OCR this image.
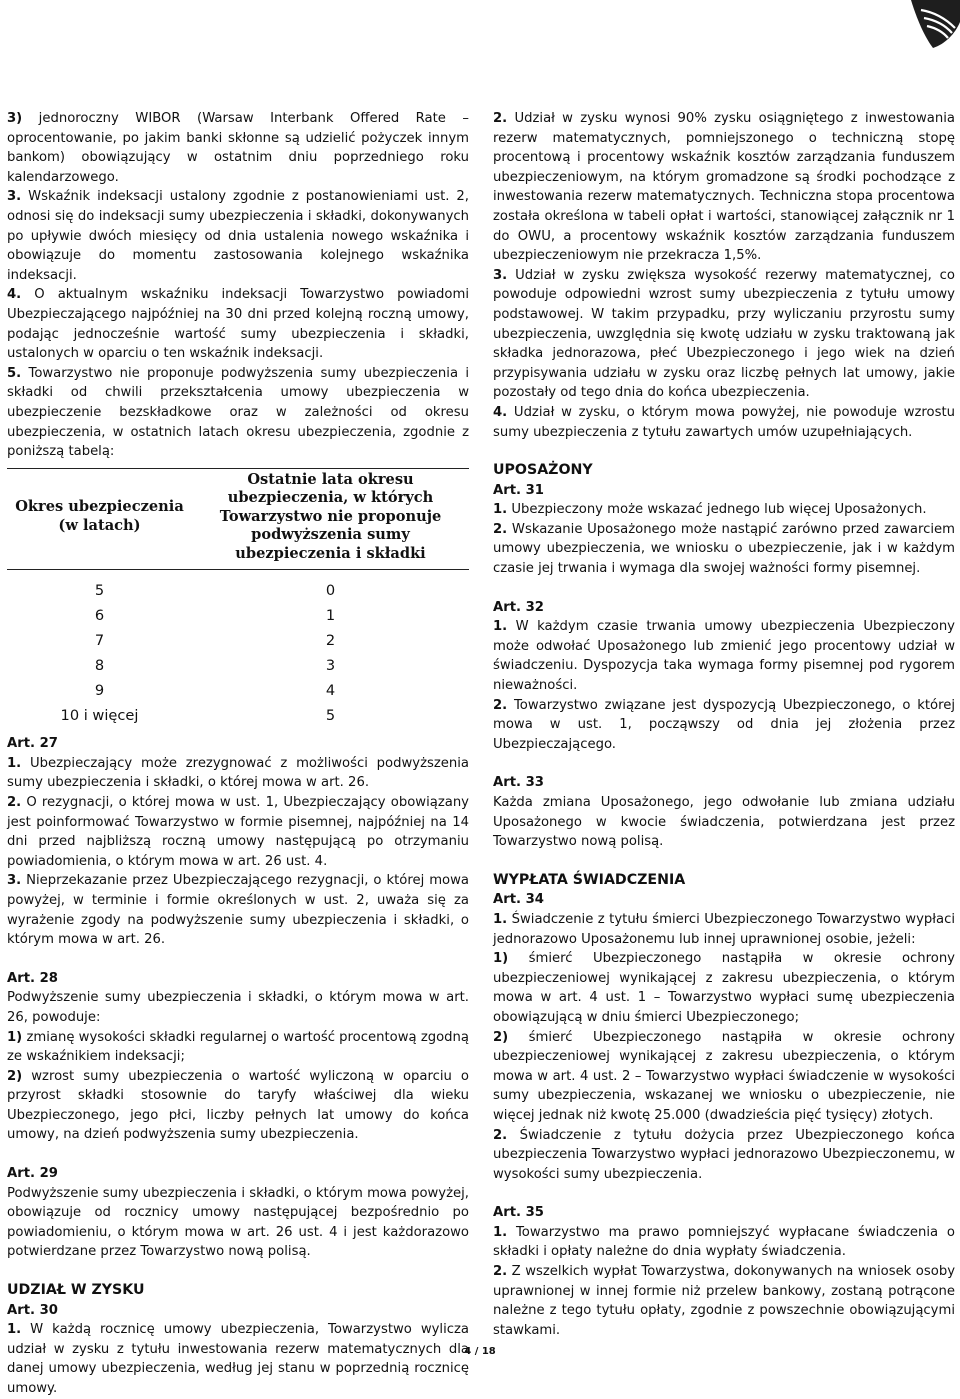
3) jednoroczny WIBOR (Warsaw Interbank Offered Rate – oprocentowanie, po jakim banki skłonne są udzielić pożyczek innym bankom) obowiązujący w ostatnim dniu poprzedniego roku kalendarzowego.

3. Wskaźnik indeksacji ustalony zgodnie z postanowieniami ust. 2, odnosi się do indeksacji sumy ubezpieczenia i składki, dokonywanych po upływie dwóch miesięcy od dnia ustalenia nowego wskaźnika i obowiązuje do momentu zastosowania kolejnego wskaźnika indeksacji.

4. O aktualnym wskaźniku indeksacji Towarzystwo powiadomi Ubezpieczającego najpóźniej na 30 dni przed kolejną roczną umowy, podając jednocześnie wartość sumy ubezpieczenia i składki, ustalonych w oparciu o ten wskaźnik indeksacji.

5. Towarzystwo nie proponuje podwyższenia sumy ubezpieczenia i składki od chwili przekształcenia umowy ubezpieczenia w ubezpieczenie bezskładkowe oraz w zależności od okresu ubezpieczenia, w ostatnich latach okresu ubezpieczenia, zgodnie z poniższą tabelą:

Okres ubezpieczenia (w latach)	Ostatnie lata okresu ubezpieczenia, w których Towarzystwo nie proponuje podwyższenia sumy ubezpieczenia i składki
5	0
6	1
7	2
8	3
9	4
10 i więcej	5

Art. 27

1. Ubezpieczający może zrezygnować z możliwości podwyższenia sumy ubezpieczenia i składki, o której mowa w art. 26.

2. O rezygnacji, o której mowa w ust. 1, Ubezpieczający obowiązany jest poinformować Towarzystwo w formie pisemnej, najpóźniej na 14 dni przed najbliższą roczną umowy następującą po otrzymaniu powiadomienia, o którym mowa w art. 26 ust. 4.

3. Nieprzekazanie przez Ubezpieczającego rezygnacji, o której mowa powyżej, w terminie i formie określonych w ust. 2, uważa się za wyrażenie zgody na podwyższenie sumy ubezpieczenia i składki, o którym mowa w art. 26.

Art. 28

Podwyższenie sumy ubezpieczenia i składki, o którym mowa w art. 26, powoduje:

1) zmianę wysokości składki regularnej o wartość procentową zgodną ze wskaźnikiem indeksacji;

2) wzrost sumy ubezpieczenia o wartość wyliczoną w oparciu o przyrost składki stosownie do taryfy właściwej dla wieku Ubezpieczonego, jego płci, liczby pełnych lat umowy do końca umowy, na dzień podwyższenia sumy ubezpieczenia.

Art. 29

Podwyższenie sumy ubezpieczenia i składki, o którym mowa powyżej, obowiązuje od rocznicy umowy następującej bezpośrednio po powiadomieniu, o którym mowa w art. 26 ust. 4 i jest każdorazowo potwierdzane przez Towarzystwo nową polisą.

UDZIAŁ W ZYSKU

Art. 30

1. W każdą rocznicę umowy ubezpieczenia, Towarzystwo wylicza udział w zysku z tytułu inwestowania rezerw matematycznych dla danej umowy ubezpieczenia, według jej stanu w poprzednią rocznicę umowy.

2. Udział w zysku wynosi 90% zysku osiągniętego z inwestowania rezerw matematycznych, pomniejszonego o techniczną stopę procentową i procentowy wskaźnik kosztów zarządzania funduszem ubezpieczeniowym, na którym gromadzone są środki pochodzące z inwestowania rezerw matematycznych. Techniczna stopa procentowa została określona w tabeli opłat i wartości, stanowiącej załącznik nr 1 do OWU, a procentowy wskaźnik kosztów zarządzania funduszem ubezpieczeniowym nie przekracza 1,5%.

3. Udział w zysku zwiększa wysokość rezerwy matematycznej, co powoduje odpowiedni wzrost sumy ubezpieczenia z tytułu umowy podstawowej. W takim przypadku, przy wyliczaniu przyrostu sumy ubezpieczenia, uwzględnia się kwotę udziału w zysku traktowaną jak składka jednorazowa, płeć Ubezpieczonego i jego wiek na dzień przypisywania udziału w zysku oraz liczbę pełnych lat umowy, jakie pozostały od tego dnia do końca ubezpieczenia.

4. Udział w zysku, o którym mowa powyżej, nie powoduje wzrostu sumy ubezpieczenia z tytułu zawartych umów uzupełniających.

UPOSAŻONY

Art. 31

1. Ubezpieczony może wskazać jednego lub więcej Uposażonych.

2. Wskazanie Uposażonego może nastąpić zarówno przed zawarciem umowy ubezpieczenia, we wniosku o ubezpieczenie, jak i w każdym czasie jej trwania i wymaga dla swojej ważności formy pisemnej.

Art. 32

1. W każdym czasie trwania umowy ubezpieczenia Ubezpieczony może odwołać Uposażonego lub zmienić jego procentowy udział w świadczeniu. Dyspozycja taka wymaga formy pisemnej pod rygorem nieważności.

2. Towarzystwo związane jest dyspozycją Ubezpieczonego, o której mowa w ust. 1, począwszy od dnia jej złożenia przez Ubezpieczającego.

Art. 33

Każda zmiana Uposażonego, jego odwołanie lub zmiana udziału Uposażonego w kwocie świadczenia, potwierdzana jest przez Towarzystwo nową polisą.

WYPŁATA ŚWIADCZENIA

Art. 34

1. Świadczenie z tytułu śmierci Ubezpieczonego Towarzystwo wypłaci jednorazowo Uposażonemu lub innej uprawnionej osobie, jeżeli:

1) śmierć Ubezpieczonego nastąpiła w okresie ochrony ubezpieczeniowej wynikającej z zakresu ubezpieczenia, o którym mowa w art. 4 ust. 1 – Towarzystwo wypłaci sumę ubezpieczenia obowiązującą w dniu śmierci Ubezpieczonego;

2) śmierć Ubezpieczonego nastąpiła w okresie ochrony ubezpieczeniowej wynikającej z zakresu ubezpieczenia, o którym mowa w art. 4 ust. 2 – Towarzystwo wypłaci świadczenie w wysokości sumy ubezpieczenia, wskazanej we wniosku o ubezpieczenie, nie więcej jednak niż kwotę 25.000 (dwadzieścia pięć tysięcy) złotych.

2. Świadczenie z tytułu dożycia przez Ubezpieczonego końca ubezpieczenia Towarzystwo wypłaci jednorazowo Ubezpieczonemu, w wysokości sumy ubezpieczenia.

Art. 35

1. Towarzystwo ma prawo pomniejszyć wypłacane świadczenia o składki i opłaty należne do dnia wypłaty świadczenia.

2. Z wszelkich wypłat Towarzystwa, dokonywanych na wniosek osoby uprawnionej w innej formie niż przelew bankowy, zostaną potrącone należne z tego tytułu opłaty, zgodnie z powszechnie obowiązującymi stawkami.

4 / 18
